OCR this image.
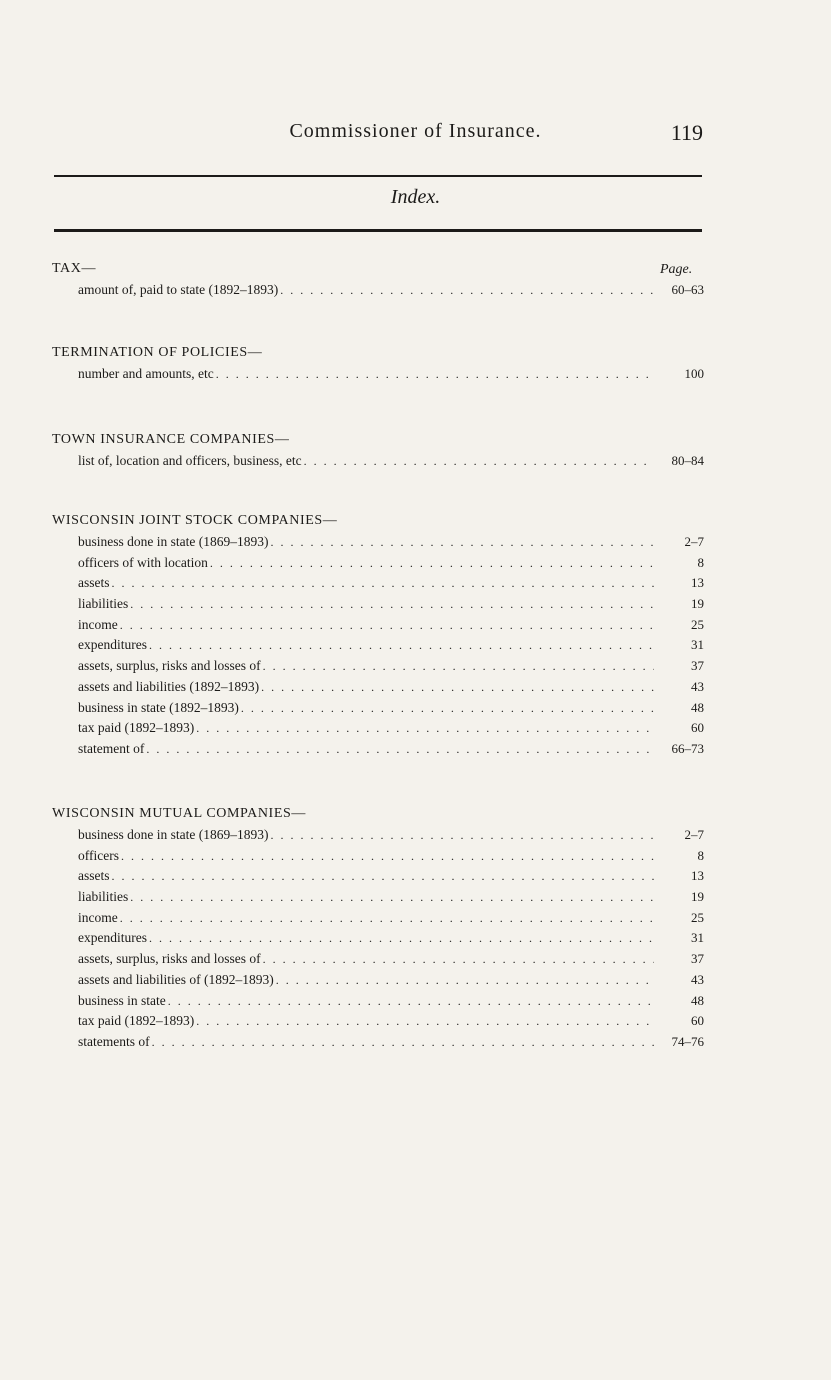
Commissioner of Insurance.	119
Index.
Page.
TAX—
amount of, paid to state (1892–1893) . . .	60–63
TERMINATION OF POLICIES—
number and amounts, etc . . .	100
TOWN INSURANCE COMPANIES—
list of, location and officers, business, etc . . .	80–84
WISCONSIN JOINT STOCK COMPANIES—
business done in state (1869–1893) . . .	2–7
officers of with location . . .	8
assets . . .	13
liabilities . . .	19
income . . .	25
expenditures . . .	31
assets, surplus, risks and losses of . . .	37
assets and liabilities (1892–1893) . . .	43
business in state (1892–1893) . . .	48
tax paid (1892–1893) . . .	60
statement of . . .	66–73
WISCONSIN MUTUAL COMPANIES—
business done in state (1869–1893) . . .	2–7
officers . . .	8
assets . . .	13
liabilities . . .	19
income . . .	25
expenditures . . .	31
assets, surplus, risks and losses of . . .	37
assets and liabilities of (1892–1893) . . .	43
business in state . . .	48
tax paid (1892–1893) . . .	60
statements of . . .	74–76
